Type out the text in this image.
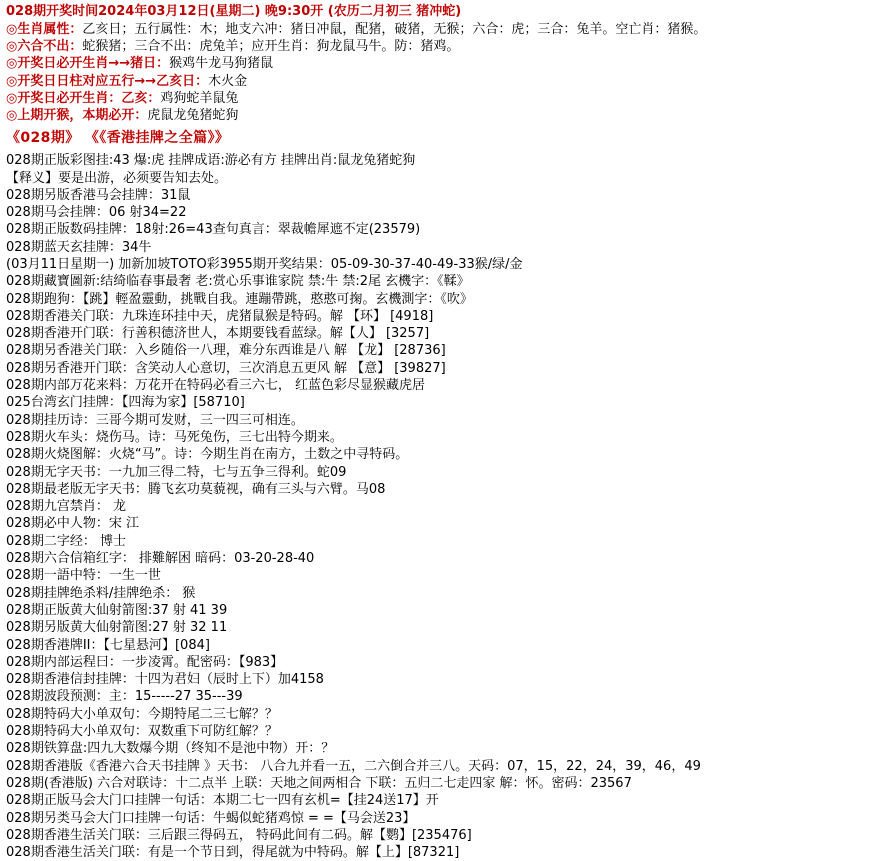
028期开奖时间2024年03月12日(星期二) 晚9:30开 (农历二月初三 猪冲蛇)
◎生肖属性：乙亥日；五行属性：木；地支六冲：猪日冲鼠，配猪，破猪，无猴；六合：虎；三合：兔羊。空亡肖：猪猴。
◎六合不出：蛇猴猪；三合不出：虎兔羊；应开生肖：狗龙鼠马牛。防：猪鸡。
◎开奖日必开生肖→→猪日：猴鸡牛龙马狗猪鼠
◎开奖日日柱对应五行→→乙亥日：木火金
◎开奖日必开生肖：乙亥：鸡狗蛇羊鼠兔
◎上期开猴，本期必开：虎鼠龙兔猪蛇狗
《028期》 《《香港挂牌之全篇》》
028期正版彩图挂:43 爆:虎 挂牌成语:游必有方 挂牌出肖:鼠龙兔猪蛇狗
【释义】要是出游，必须要告知去处。
028期另版香港马会挂牌：31鼠
028期马会挂牌：06 射34=22
028期正版数码挂牌：18射:26=43查句真言：翠裁幨犀遮不定(23579)
028期蓝天玄挂牌：34牛
(03月11日星期一) 加新加坡TOTO彩3955期开奖结果：05-09-30-37-40-49-33猴/绿/金
028期藏寶圖新:结绮临春事最奢 老:赏心乐事谁家院 禁:牛 禁:2尾 玄機字：《鞣》
028期跑狗：【跳】輕盈靈動，挑戰自我。連蹦帶跳，憨憨可掬。玄機測字：《吹》
028期香港关门联：九珠连环挂中天，虎猪鼠猴是特码。解 【环】 [4918]
028期香港开门联：行善积德济世人，本期要钱看蓝绿。解【人】 [3257]
028期另香港关门联：入乡随俗一八理，难分东西谁是八 解 【龙】 [28736]
028期另香港开门联：含笑动人心意切，三次消息五更风 解 【意】 [39827]
028期内部万花来料：万花开在特码必看三六七， 红蓝色彩尽显猴藏虎居
025台湾玄门挂牌：【四海为家】[58710]
028期挂历诗：三哥今期可发财，三一四三可相连。
028期火车头：烧伤马。诗：马死兔伤，三七出特今期来。
028期火烧图解：火烧“马”。诗：今期生肖在南方，土数之中寻特码。
028期无字天书：一九加三得二特，七与五争三得利。蛇09
028期最老版无字天书：腾飞玄功莫藐视，确有三头与六臂。马08
028期九宫禁肖： 龙
028期必中人物：宋 江
028期二字经： 博士
028期六合信箱红字： 排難解困 暗码：03-20-28-40
028期一語中特：一生一世
028期挂牌绝杀料/挂牌绝杀： 猴
028期正版黄大仙射箭图:37 射 41 39
028期另版黄大仙射箭图:27 射 32 11
028期香港牌II：【七星悬河】[084]
028期内部运程曰：一步凌霄。配密码：【983】
028期香港信封挂牌：十四为君妇（辰时上下）加4158
028期波段预测：主：15-----27 35---39
028期特码大小单双句：今期特尾二三七解？？
028期特码大小单双句：双数重下可防红解？？
028期铁算盘:四九大数爆今期（终知不是池中物）开：？
028期香港版《香港六合天书挂牌 》天书： 八合九并看一五，二六倒合并三八。天码：07，15，22，24，39，46，49
028期(香港版) 六合对联诗：十二点半 上联：天地之间两相合 下联：五归二七走四家 解：怀。密码：23567
028期正版马会大门口挂牌一句话：本期二七一四有玄机=【挂24送17】开
028期另类马会大门口挂牌一句话：牛蝎似蛇猪鸡惊 = =【马会送23】
028期香港生活关门联：三后跟三得码五， 特码此间有二码。解【鹦】[235476]
028期香港生活关门联：有是一个节日到，得尾就为中特码。解【上】[87321]
